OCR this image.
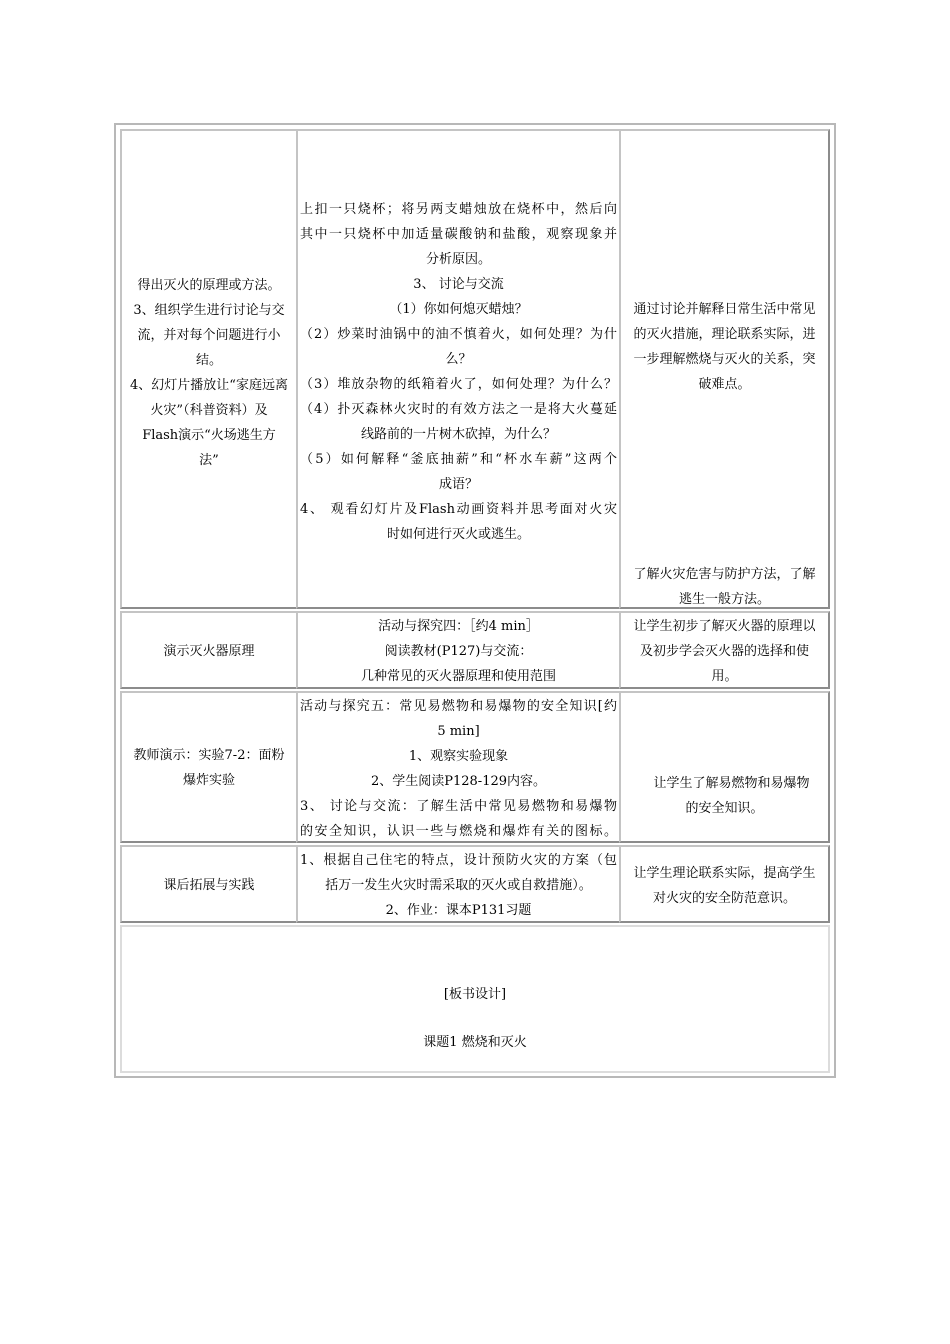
得出灭火的原理或方法。
3、组织学生进行讨论与交
流，并对每个问题进行小
结。
4、幻灯片播放让“家庭远离
火灾”（科普资料）及
Flash演示“火场逃生方
法”
上扣一只烧杯；将另两支蜡烛放在烧杯中，然后向
其中一只烧杯中加适量碳酸钠和盐酸，观察现象并
分析原因。
3、 讨论与交流
（1）你如何熄灭蜡烛？
（2）炒菜时油锅中的油不慎着火，如何处理？为什
么？
（3）堆放杂物的纸箱着火了，如何处理？为什么？
（4）扑灭森林火灾时的有效方法之一是将大火蔓延
线路前的一片树木砍掉，为什么？
（5）如何解释“釜底抽薪”和“杯水车薪”这两个
成语？
4、 观看幻灯片及Flash动画资料并思考面对火灾
时如何进行灭火或逃生。
通过讨论并解释日常生活中常见
的灭火措施，理论联系实际，进
一步理解燃烧与灭火的关系，突
破难点。
了解火灾危害与防护方法，了解
逃生一般方法。
演示灭火器原理
活动与探究四：［约4 min］
阅读教材(P127)与交流：
几种常见的灭火器原理和使用范围
让学生初步了解灭火器的原理以
及初步学会灭火器的选择和使
用。
教师演示：实验7-2：面粉
爆炸实验
活动与探究五：常见易燃物和易爆物的安全知识[约
5 min]
1、观察实验现象
2、学生阅读P128-129内容。
3、 讨论与交流：了解生活中常见易燃物和易爆物
的安全知识，认识一些与燃烧和爆炸有关的图标。
让学生了解易燃物和易爆物
的安全知识。
课后拓展与实践
1、根据自己住宅的特点，设计预防火灾的方案（包
括万一发生火灾时需采取的灭火或自救措施）。
2、作业：课本P131习题
让学生理论联系实际，提高学生
对火灾的安全防范意识。
[板书设计]
课题1 燃烧和灭火
